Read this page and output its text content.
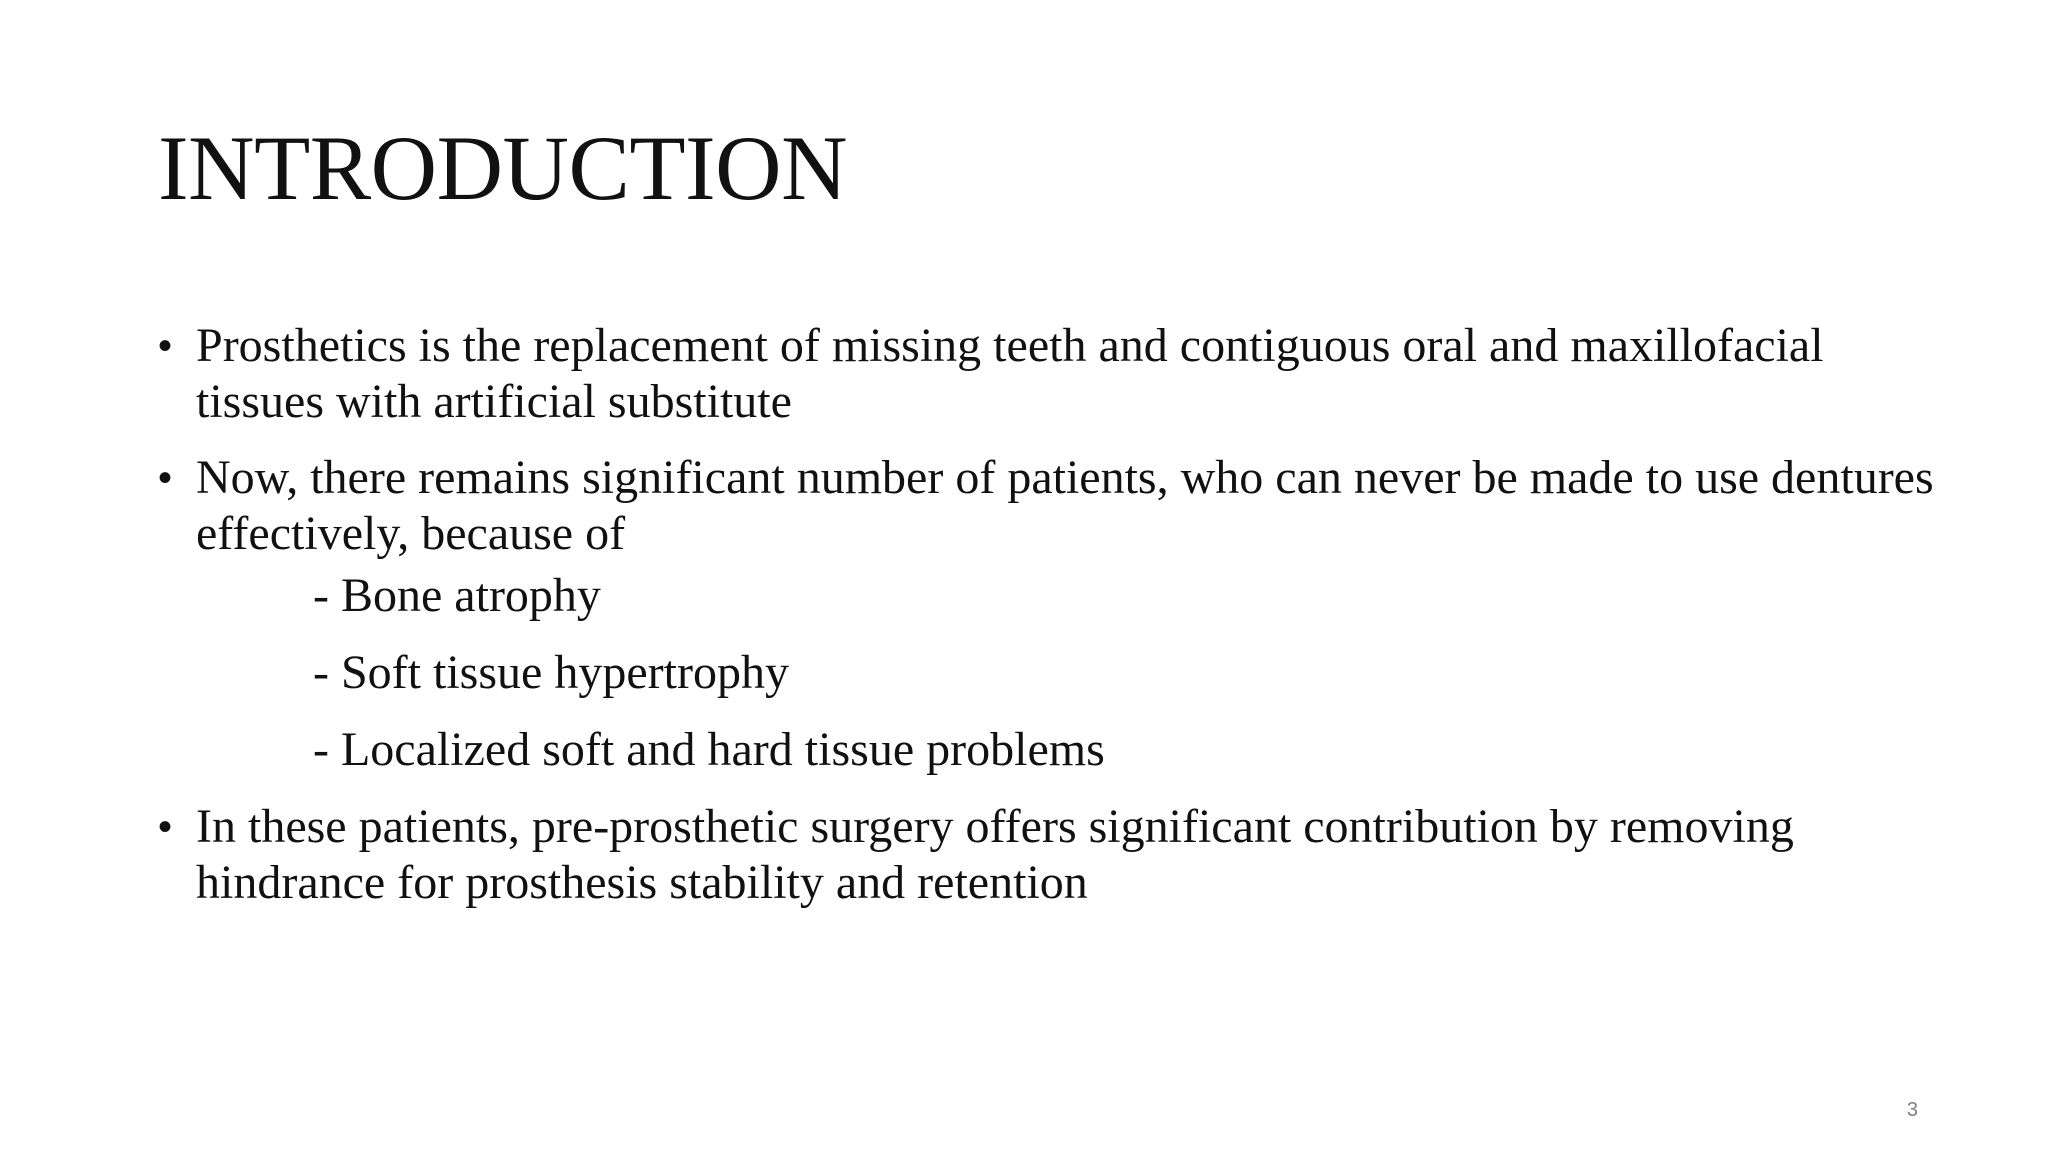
INTRODUCTION
• Prosthetics is the replacement of missing teeth and contiguous oral and maxillofacial tissues with artificial substitute
• Now, there remains significant number of patients, who can never be made to use dentures effectively, because of
- Bone atrophy
- Soft tissue hypertrophy
- Localized soft and hard tissue problems
• In these patients, pre-prosthetic surgery offers significant contribution by removing hindrance for prosthesis stability and retention
3
